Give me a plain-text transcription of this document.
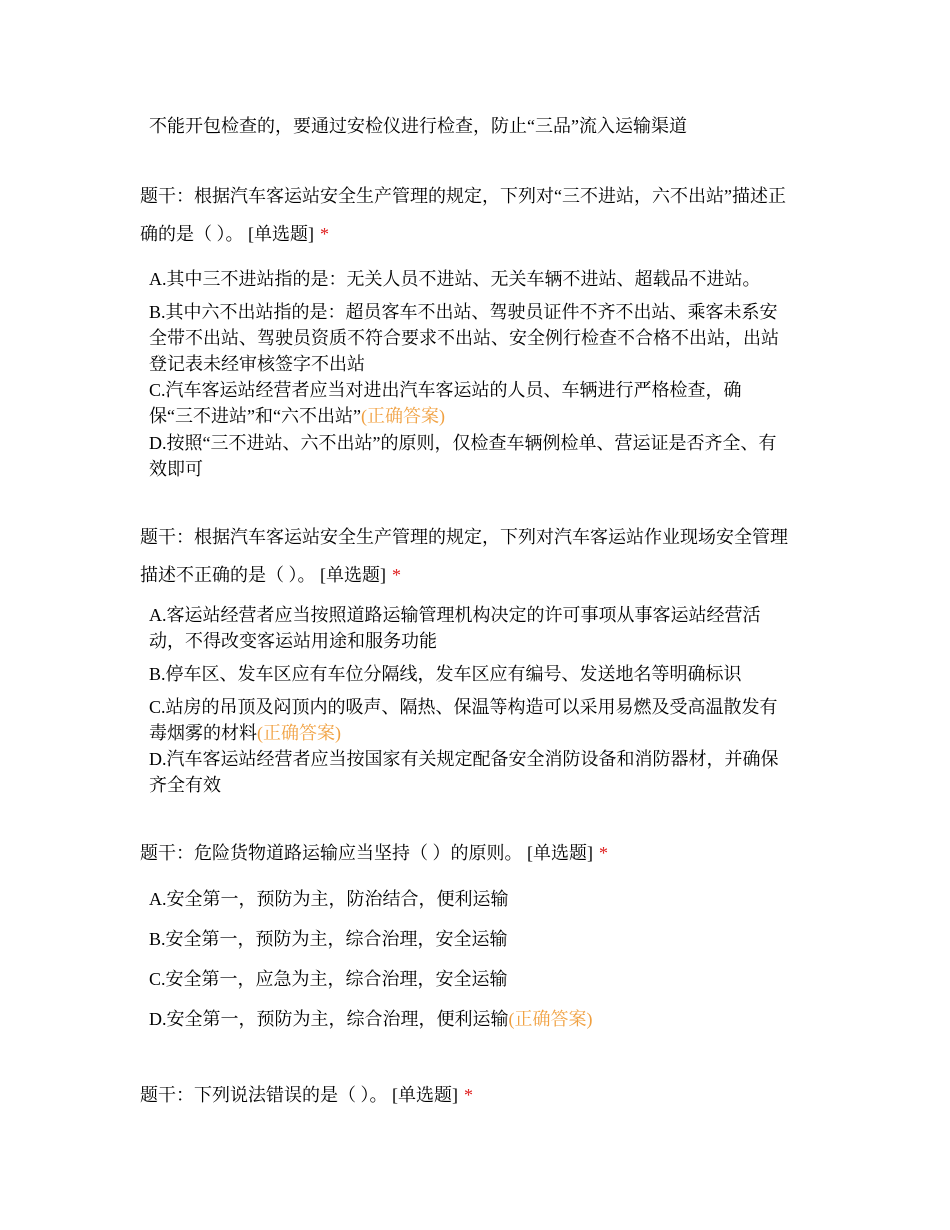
不能开包检查的，要通过安检仪进行检查，防止“三品”流入运输渠道
题干：根据汽车客运站安全生产管理的规定，下列对“三不进站，六不出站”描述正
确的是（ ）。 [单选题] *
A.其中三不进站指的是：无关人员不进站、无关车辆不进站、超载品不进站。
B.其中六不出站指的是：超员客车不出站、驾驶员证件不齐不出站、乘客未系安
全带不出站、驾驶员资质不符合要求不出站、安全例行检查不合格不出站，出站
登记表未经审核签字不出站
C.汽车客运站经营者应当对进出汽车客运站的人员、车辆进行严格检查，确
保“三不进站”和“六不出站”(正确答案)
D.按照“三不进站、六不出站”的原则，仅检查车辆例检单、营运证是否齐全、有
效即可
题干：根据汽车客运站安全生产管理的规定，下列对汽车客运站作业现场安全管理
描述不正确的是（ ）。 [单选题] *
A.客运站经营者应当按照道路运输管理机构决定的许可事项从事客运站经营活
动，不得改变客运站用途和服务功能
B.停车区、发车区应有车位分隔线，发车区应有编号、发送地名等明确标识
C.站房的吊顶及闷顶内的吸声、隔热、保温等构造可以采用易燃及受高温散发有
毒烟雾的材料(正确答案)
D.汽车客运站经营者应当按国家有关规定配备安全消防设备和消防器材，并确保
齐全有效
题干：危险货物道路运输应当坚持（ ）的原则。 [单选题] *
A.安全第一，预防为主，防治结合，便利运输
B.安全第一，预防为主，综合治理，安全运输
C.安全第一，应急为主，综合治理，安全运输
D.安全第一，预防为主，综合治理，便利运输(正确答案)
题干：下列说法错误的是（ ）。 [单选题] *
